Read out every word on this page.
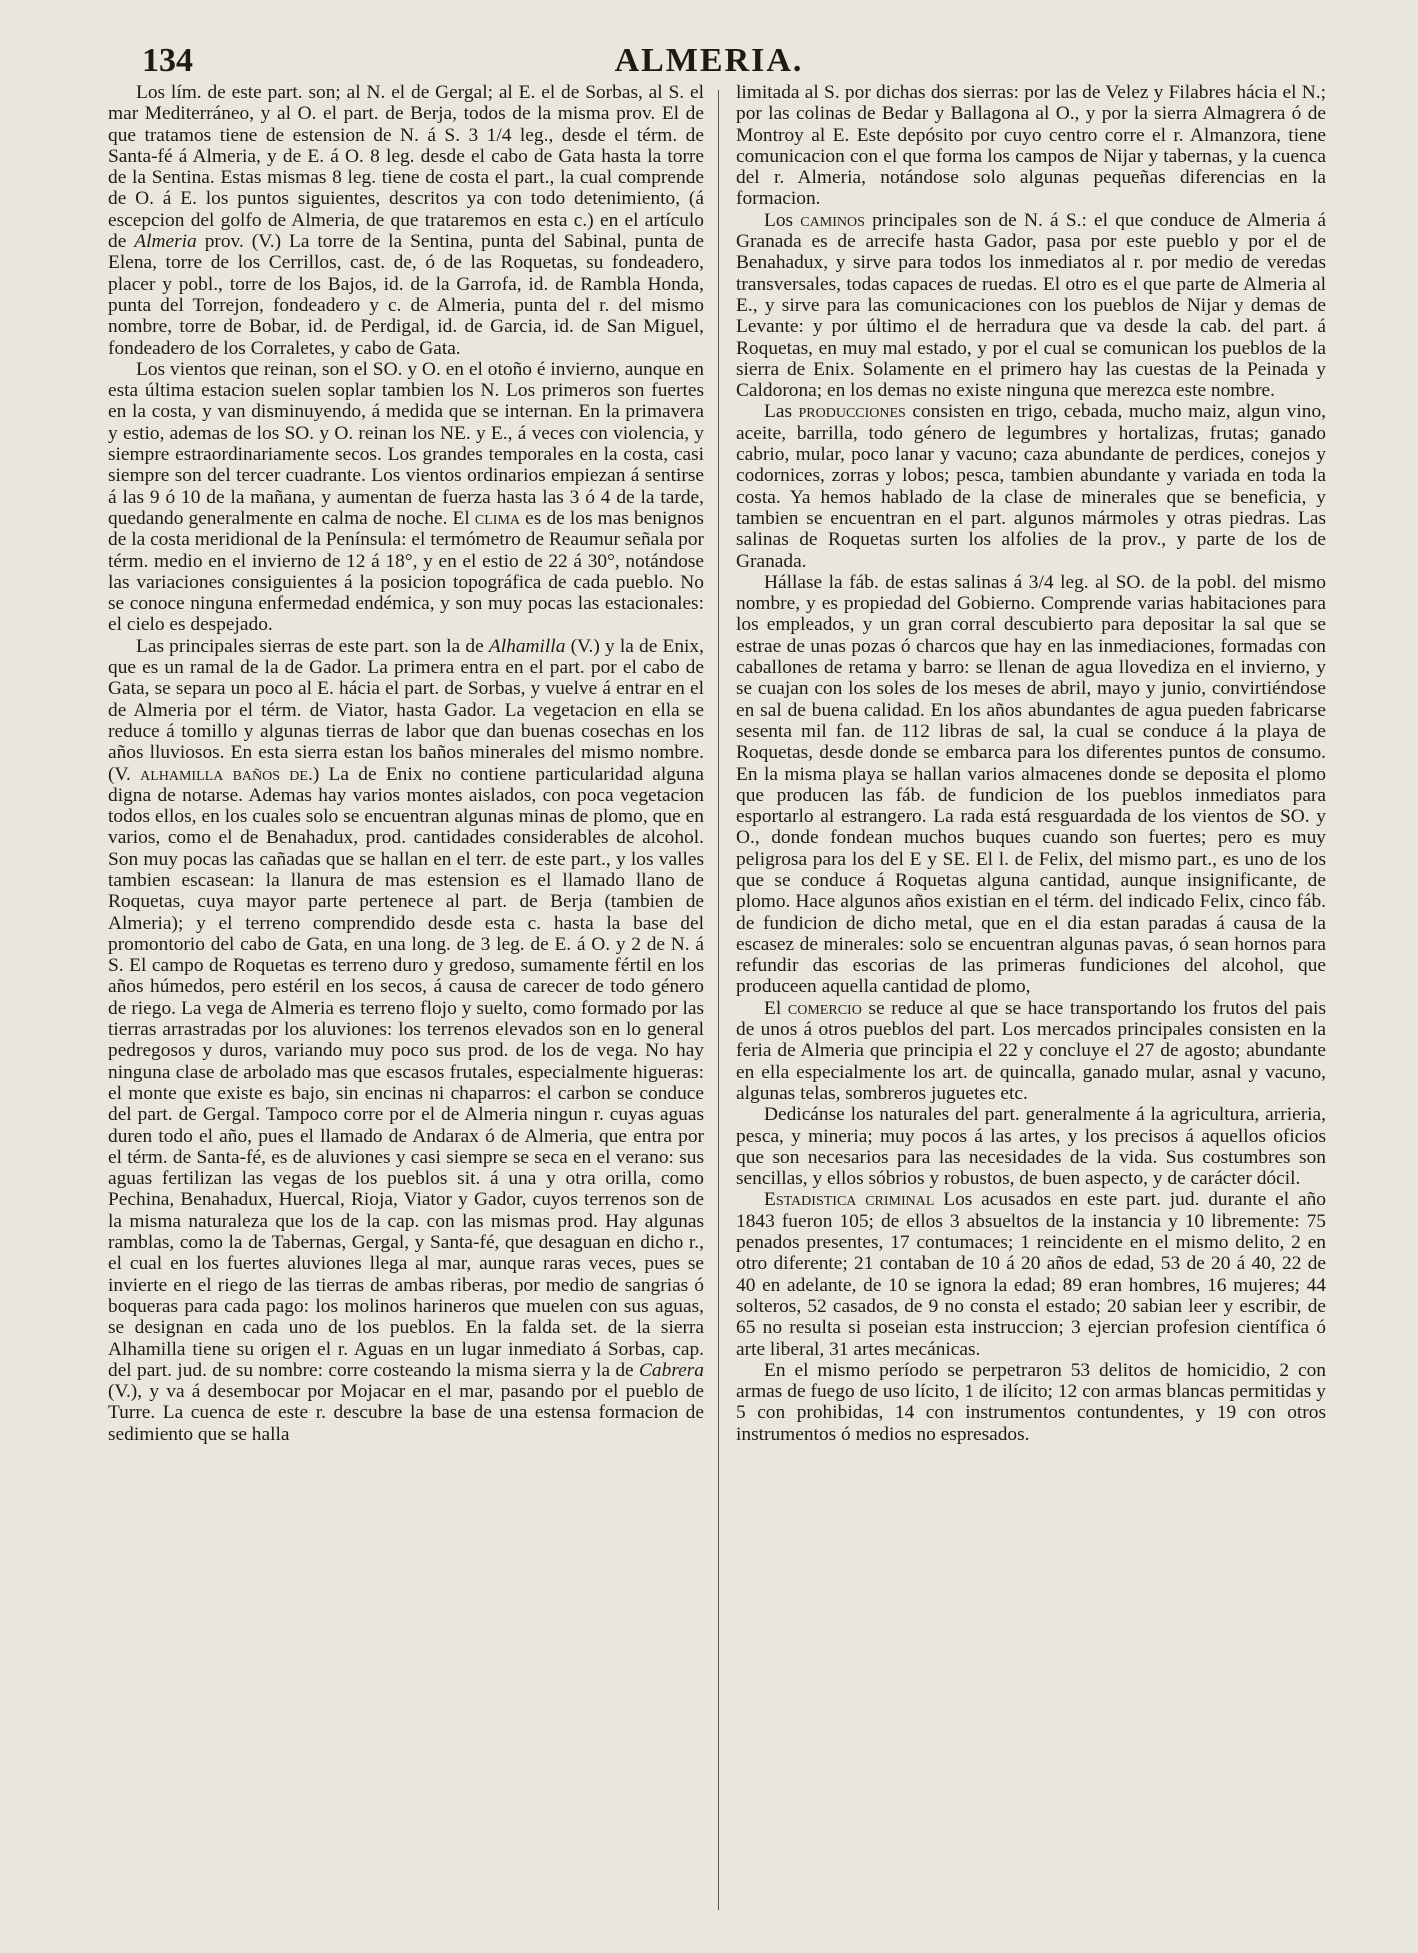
134	ALMERIA.

Los lím. de este part. son; al N. el de Gergal; al E. el de Sorbas, al S. el mar Mediterráneo, y al O. el part. de Berja, todos de la misma prov. El de que tratamos tiene de estension de N. á S. 3 1/4 leg., desde el térm. de Santa-fé á Almeria, y de E. á O. 8 leg. desde el cabo de Gata hasta la torre de la Sentina. Estas mismas 8 leg. tiene de costa el part., la cual comprende de O. á E. los puntos siguientes, descritos ya con todo detenimiento, (á escepcion del golfo de Almeria, de que trataremos en esta c.) en el artículo de Almeria prov. (V.) La torre de la Sentina, punta del Sabinal, punta de Elena, torre de los Cerrillos, cast. de, ó de las Roquetas, su fondeadero, placer y pobl., torre de los Bajos, id. de la Garrofa, id. de Rambla Honda, punta del Torrejon, fondeadero y c. de Almeria, punta del r. del mismo nombre, torre de Bobar, id. de Perdigal, id. de Garcia, id. de San Miguel, fondeadero de los Corraletes, y cabo de Gata.

Los vientos que reinan, son el SO. y O. en el otoño é invierno, aunque en esta última estacion suelen soplar tambien los N. Los primeros son fuertes en la costa, y van disminuyendo, á medida que se internan. En la primavera y estio, ademas de los SO. y O. reinan los NE. y E., á veces con violencia, y siempre estraordinariamente secos. Los grandes temporales en la costa, casi siempre son del tercer cuadrante. Los vientos ordinarios empiezan á sentirse á las 9 ó 10 de la mañana, y aumentan de fuerza hasta las 3 ó 4 de la tarde, quedando generalmente en calma de noche. El clima es de los mas benignos de la costa meridional de la Península: el termómetro de Reaumur señala por térm. medio en el invierno de 12 á 18°, y en el estio de 22 á 30°, notándose las variaciones consiguientes á la posicion topográfica de cada pueblo. No se conoce ninguna enfermedad endémica, y son muy pocas las estacionales: el cielo es despejado.

Las principales sierras de este part. son la de Alhamilla (V.) y la de Enix, que es un ramal de la de Gador. La primera entra en el part. por el cabo de Gata, se separa un poco al E. hácia el part. de Sorbas, y vuelve á entrar en el de Almeria por el térm. de Viator, hasta Gador. La vegetacion en ella se reduce á tomillo y algunas tierras de labor que dan buenas cosechas en los años lluviosos. En esta sierra estan los baños minerales del mismo nombre. (V. alhamilla baños de.) La de Enix no contiene particularidad alguna digna de notarse. Ademas hay varios montes aislados, con poca vegetacion todos ellos, en los cuales solo se encuentran algunas minas de plomo, que en varios, como el de Benahadux, prod. cantidades considerables de alcohol. Son muy pocas las cañadas que se hallan en el terr. de este part., y los valles tambien escasean: la llanura de mas estension es el llamado llano de Roquetas, cuya mayor parte pertenece al part. de Berja (tambien de Almeria); y el terreno comprendido desde esta c. hasta la base del promontorio del cabo de Gata, en una long. de 3 leg. de E. á O. y 2 de N. á S. El campo de Roquetas es terreno duro y gredoso, sumamente fértil en los años húmedos, pero estéril en los secos, á causa de carecer de todo género de riego. La vega de Almeria es terreno flojo y suelto, como formado por las tierras arrastradas por los aluviones: los terrenos elevados son en lo general pedregosos y duros, variando muy poco sus prod. de los de vega. No hay ninguna clase de arbolado mas que escasos frutales, especialmente higueras: el monte que existe es bajo, sin encinas ni chaparros: el carbon se conduce del part. de Gergal. Tampoco corre por el de Almeria ningun r. cuyas aguas duren todo el año, pues el llamado de Andarax ó de Almeria, que entra por el térm. de Santa-fé, es de aluviones y casi siempre se seca en el verano: sus aguas fertilizan las vegas de los pueblos sit. á una y otra orilla, como Pechina, Benahadux, Huercal, Rioja, Viator y Gador, cuyos terrenos son de la misma naturaleza que los de la cap. con las mismas prod. Hay algunas ramblas, como la de Tabernas, Gergal, y Santa-fé, que desaguan en dicho r., el cual en los fuertes aluviones llega al mar, aunque raras veces, pues se invierte en el riego de las tierras de ambas riberas, por medio de sangrias ó boqueras para cada pago: los molinos harineros que muelen con sus aguas, se designan en cada uno de los pueblos. En la falda set. de la sierra Alhamilla tiene su origen el r. Aguas en un lugar inmediato á Sorbas, cap. del part. jud. de su nombre: corre costeando la misma sierra y la de Cabrera (V.), y va á desembocar por Mojacar en el mar, pasando por el pueblo de Turre. La cuenca de este r. descubre la base de una estensa formacion de sedimiento que se halla

limitada al S. por dichas dos sierras: por las de Velez y Filabres hácia el N.; por las colinas de Bedar y Ballagona al O., y por la sierra Almagrera ó de Montroy al E. Este depósito por cuyo centro corre el r. Almanzora, tiene comunicacion con el que forma los campos de Nijar y tabernas, y la cuenca del r. Almeria, notándose solo algunas pequeñas diferencias en la formacion.

Los caminos principales son de N. á S.: el que conduce de Almeria á Granada es de arrecife hasta Gador, pasa por este pueblo y por el de Benahadux, y sirve para todos los inmediatos al r. por medio de veredas transversales, todas capaces de ruedas. El otro es el que parte de Almeria al E., y sirve para las comunicaciones con los pueblos de Nijar y demas de Levante: y por último el de herradura que va desde la cab. del part. á Roquetas, en muy mal estado, y por el cual se comunican los pueblos de la sierra de Enix. Solamente en el primero hay las cuestas de la Peinada y Caldorona; en los demas no existe ninguna que merezca este nombre.

Las producciones consisten en trigo, cebada, mucho maiz, algun vino, aceite, barrilla, todo género de legumbres y hortalizas, frutas; ganado cabrio, mular, poco lanar y vacuno; caza abundante de perdices, conejos y codornices, zorras y lobos; pesca, tambien abundante y variada en toda la costa. Ya hemos hablado de la clase de minerales que se beneficia, y tambien se encuentran en el part. algunos mármoles y otras piedras. Las salinas de Roquetas surten los alfolies de la prov., y parte de los de Granada.

Hállase la fáb. de estas salinas á 3/4 leg. al SO. de la pobl. del mismo nombre, y es propiedad del Gobierno. Comprende varias habitaciones para los empleados, y un gran corral descubierto para depositar la sal que se estrae de unas pozas ó charcos que hay en las inmediaciones, formadas con caballones de retama y barro: se llenan de agua llovediza en el invierno, y se cuajan con los soles de los meses de abril, mayo y junio, convirtiéndose en sal de buena calidad. En los años abundantes de agua pueden fabricarse sesenta mil fan. de 112 libras de sal, la cual se conduce á la playa de Roquetas, desde donde se embarca para los diferentes puntos de consumo. En la misma playa se hallan varios almacenes donde se deposita el plomo que producen las fáb. de fundicion de los pueblos inmediatos para esportarlo al estrangero. La rada está resguardada de los vientos de SO. y O., donde fondean muchos buques cuando son fuertes; pero es muy peligrosa para los del E y SE. El l. de Felix, del mismo part., es uno de los que se conduce á Roquetas alguna cantidad, aunque insignificante, de plomo. Hace algunos años existian en el térm. del indicado Felix, cinco fáb. de fundicion de dicho metal, que en el dia estan paradas á causa de la escasez de minerales: solo se encuentran algunas pavas, ó sean hornos para refundir das escorias de las primeras fundiciones del alcohol, que produceen aquella cantidad de plomo,

El comercio se reduce al que se hace transportando los frutos del pais de unos á otros pueblos del part. Los mercados principales consisten en la feria de Almeria que principia el 22 y concluye el 27 de agosto; abundante en ella especialmente los art. de quincalla, ganado mular, asnal y vacuno, algunas telas, sombreros juguetes etc.

Dedicánse los naturales del part. generalmente á la agricultura, arrieria, pesca, y mineria; muy pocos á las artes, y los precisos á aquellos oficios que son necesarios para las necesidades de la vida. Sus costumbres son sencillas, y ellos sóbrios y robustos, de buen aspecto, y de carácter dócil.

Estadistica criminal Los acusados en este part. jud. durante el año 1843 fueron 105; de ellos 3 absueltos de la instancia y 10 libremente: 75 penados presentes, 17 contumaces; 1 reincidente en el mismo delito, 2 en otro diferente; 21 contaban de 10 á 20 años de edad, 53 de 20 á 40, 22 de 40 en adelante, de 10 se ignora la edad; 89 eran hombres, 16 mujeres; 44 solteros, 52 casados, de 9 no consta el estado; 20 sabian leer y escribir, de 65 no resulta si poseian esta instruccion; 3 ejercian profesion científica ó arte liberal, 31 artes mecánicas.

En el mismo período se perpetraron 53 delitos de homicidio, 2 con armas de fuego de uso lícito, 1 de ilícito; 12 con armas blancas permitidas y 5 con prohibidas, 14 con instrumentos contundentes, y 19 con otros instrumentos ó medios no espresados.
